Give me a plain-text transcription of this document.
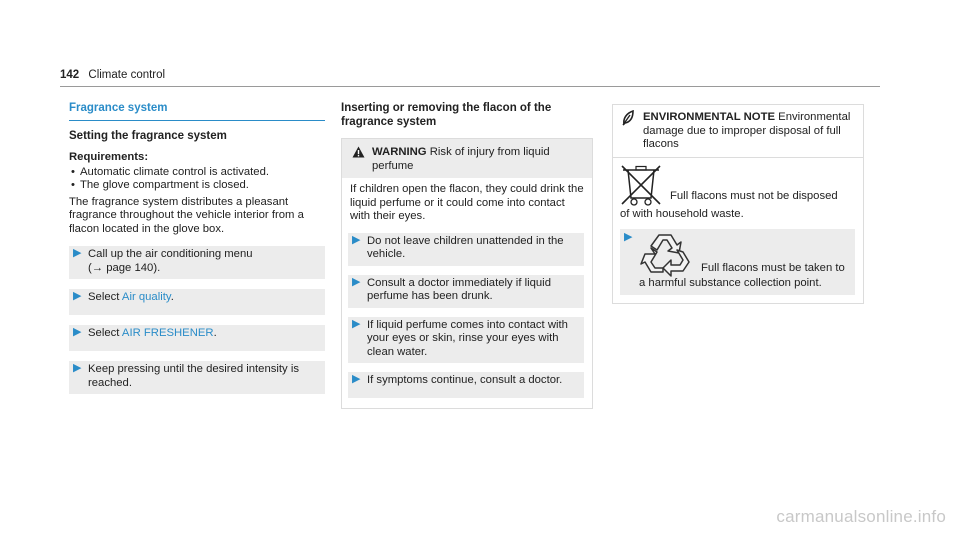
142 Climate control
Fragrance system
Setting the fragrance system
Requirements:
• Automatic climate control is activated.
• The glove compartment is closed.
The fragrance system distributes a pleasant fragrance throughout the vehicle interior from a flacon located in the glove box.
▶ Call up the air conditioning menu
(→ page 140).
▶ Select Air quality.
▶ Select AIR FRESHENER.
▶ Keep pressing until the desired intensity is reached.
Inserting or removing the flacon of the fragrance system
WARNING Risk of injury from liquid perfume
If children open the flacon, they could drink the liquid perfume or it could come into contact with their eyes.
▶ Do not leave children unattended in the vehicle.
▶ Consult a doctor immediately if liquid perfume has been drunk.
▶ If liquid perfume comes into contact with your eyes or skin, rinse your eyes with clean water.
▶ If symptoms continue, consult a doctor.
ENVIRONMENTAL NOTE Environmental damage due to improper disposal of full flacons
Full flacons must not be disposed
of with household waste.
▶
Full flacons must be taken to
a harmful substance collection point.
carmanualsonline.info
